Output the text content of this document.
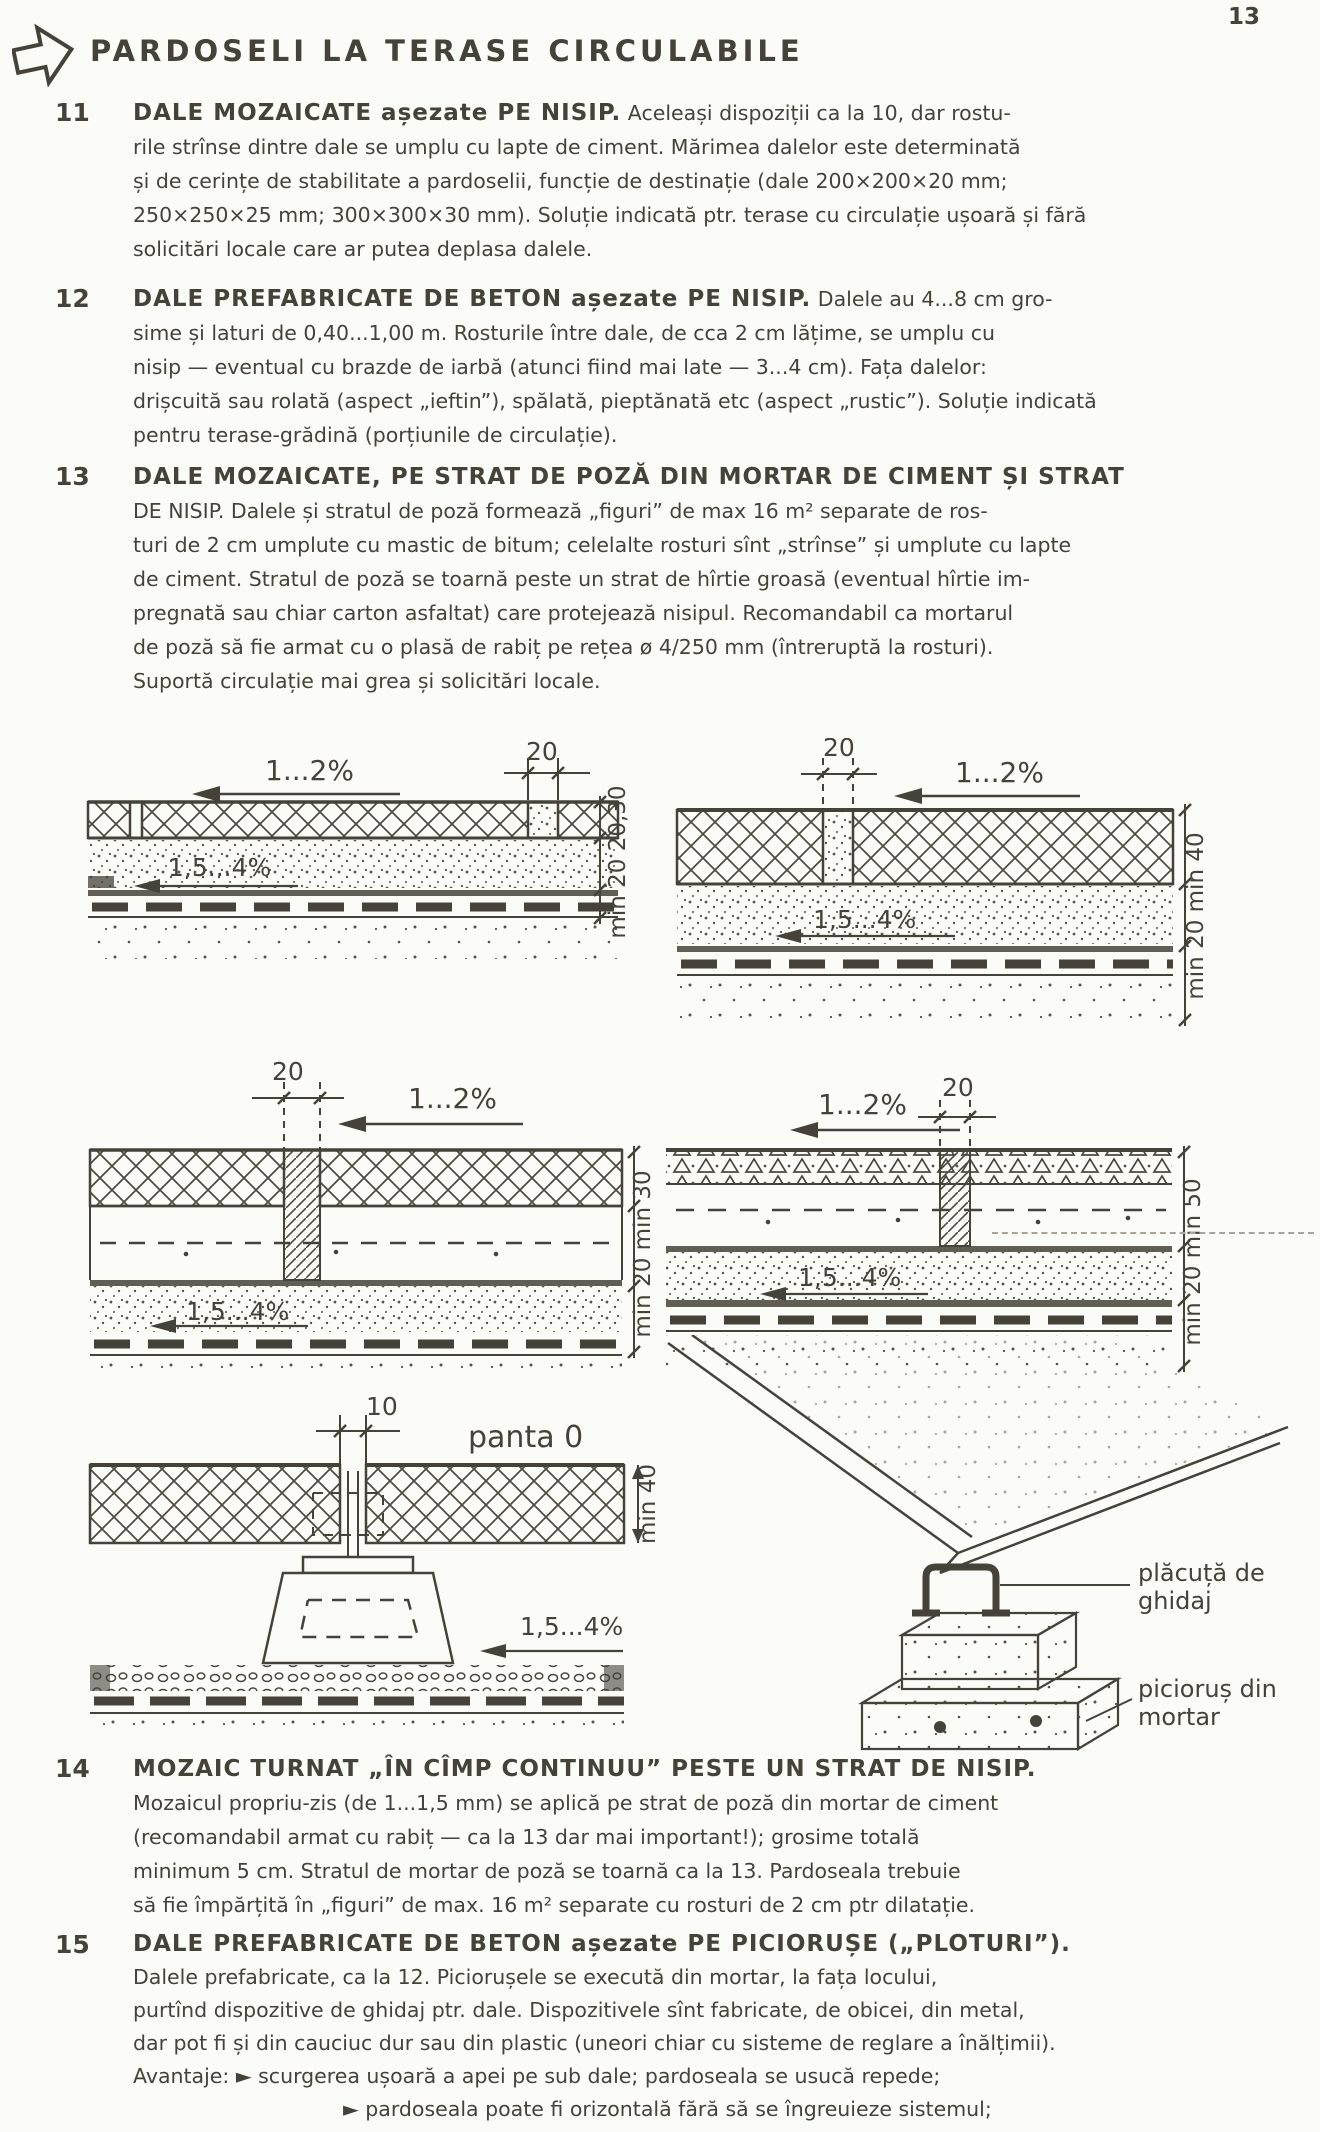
13
PARDOSELI LA TERASE CIRCULABILE
11 DALE MOZAICATE așezate PE NISIP. Aceleași dispoziții ca la 10, dar rostu-
rile strînse dintre dale se umplu cu lapte de ciment. Mărimea dalelor este determinată
și de cerințe de stabilitate a pardoselii, funcție de destinație (dale 200×200×20 mm;
250×250×25 mm; 300×300×30 mm). Soluție indicată ptr. terase cu circulație ușoară și fără
solicitări locale care ar putea deplasa dalele.
12 DALE PREFABRICATE DE BETON așezate PE NISIP. Dalele au 4...8 cm gro-
sime și laturi de 0,40...1,00 m. Rosturile între dale, de cca 2 cm lățime, se umplu cu
nisip — eventual cu brazde de iarbă (atunci fiind mai late — 3...4 cm). Fața dalelor:
drișcuită sau rolată (aspect „ieftin”), spălată, pieptănată etc (aspect „rustic”). Soluție indicată
pentru terase-grădină (porțiunile de circulație).
13 DALE MOZAICATE, PE STRAT DE POZĂ DIN MORTAR DE CIMENT ȘI STRAT
DE NISIP. Dalele și stratul de poză formează „figuri” de max 16 m² separate de ros-
turi de 2 cm umplute cu mastic de bitum; celelalte rosturi sînt „strînse” și umplute cu lapte
de ciment. Stratul de poză se toarnă peste un strat de hîrtie groasă (eventual hîrtie im-
pregnată sau chiar carton asfaltat) care protejează nisipul. Recomandabil ca mortarul
de poză să fie armat cu o plasă de rabiț pe rețea ø 4/250 mm (întreruptă la rosturi).
Suportă circulație mai grea și solicitări locale.
1...2%
20
1,5...4%	min 20 20,30
20
1...2%
1,5...4%	min 20 min 40
20
1...2%
1,5...4%	min 20 min 30
1...2%
20
1,5...4%	min 20 min 50
10
panta 0
1,5...4%
min 40
plăcuță de
ghidaj
picioruș din
mortar
14 MOZAIC TURNAT „ÎN CÎMP CONTINUU” PESTE UN STRAT DE NISIP.
Mozaicul propriu-zis (de 1...1,5 mm) se aplică pe strat de poză din mortar de ciment
(recomandabil armat cu rabiț — ca la 13 dar mai important!); grosime totală
minimum 5 cm. Stratul de mortar de poză se toarnă ca la 13. Pardoseala trebuie
să fie împărțită în „figuri” de max. 16 m² separate cu rosturi de 2 cm ptr dilatație.
15 DALE PREFABRICATE DE BETON așezate PE PICIORUȘE („PLOTURI”).
Dalele prefabricate, ca la 12. Piciorușele se execută din mortar, la fața locului,
purtînd dispozitive de ghidaj ptr. dale. Dispozitivele sînt fabricate, de obicei, din metal,
dar pot fi și din cauciuc dur sau din plastic (uneori chiar cu sisteme de reglare a înălțimii).
Avantaje: ► scurgerea ușoară a apei pe sub dale; pardoseala se usucă repede;
► pardoseala poate fi orizontală fără să se îngreuieze sistemul;
